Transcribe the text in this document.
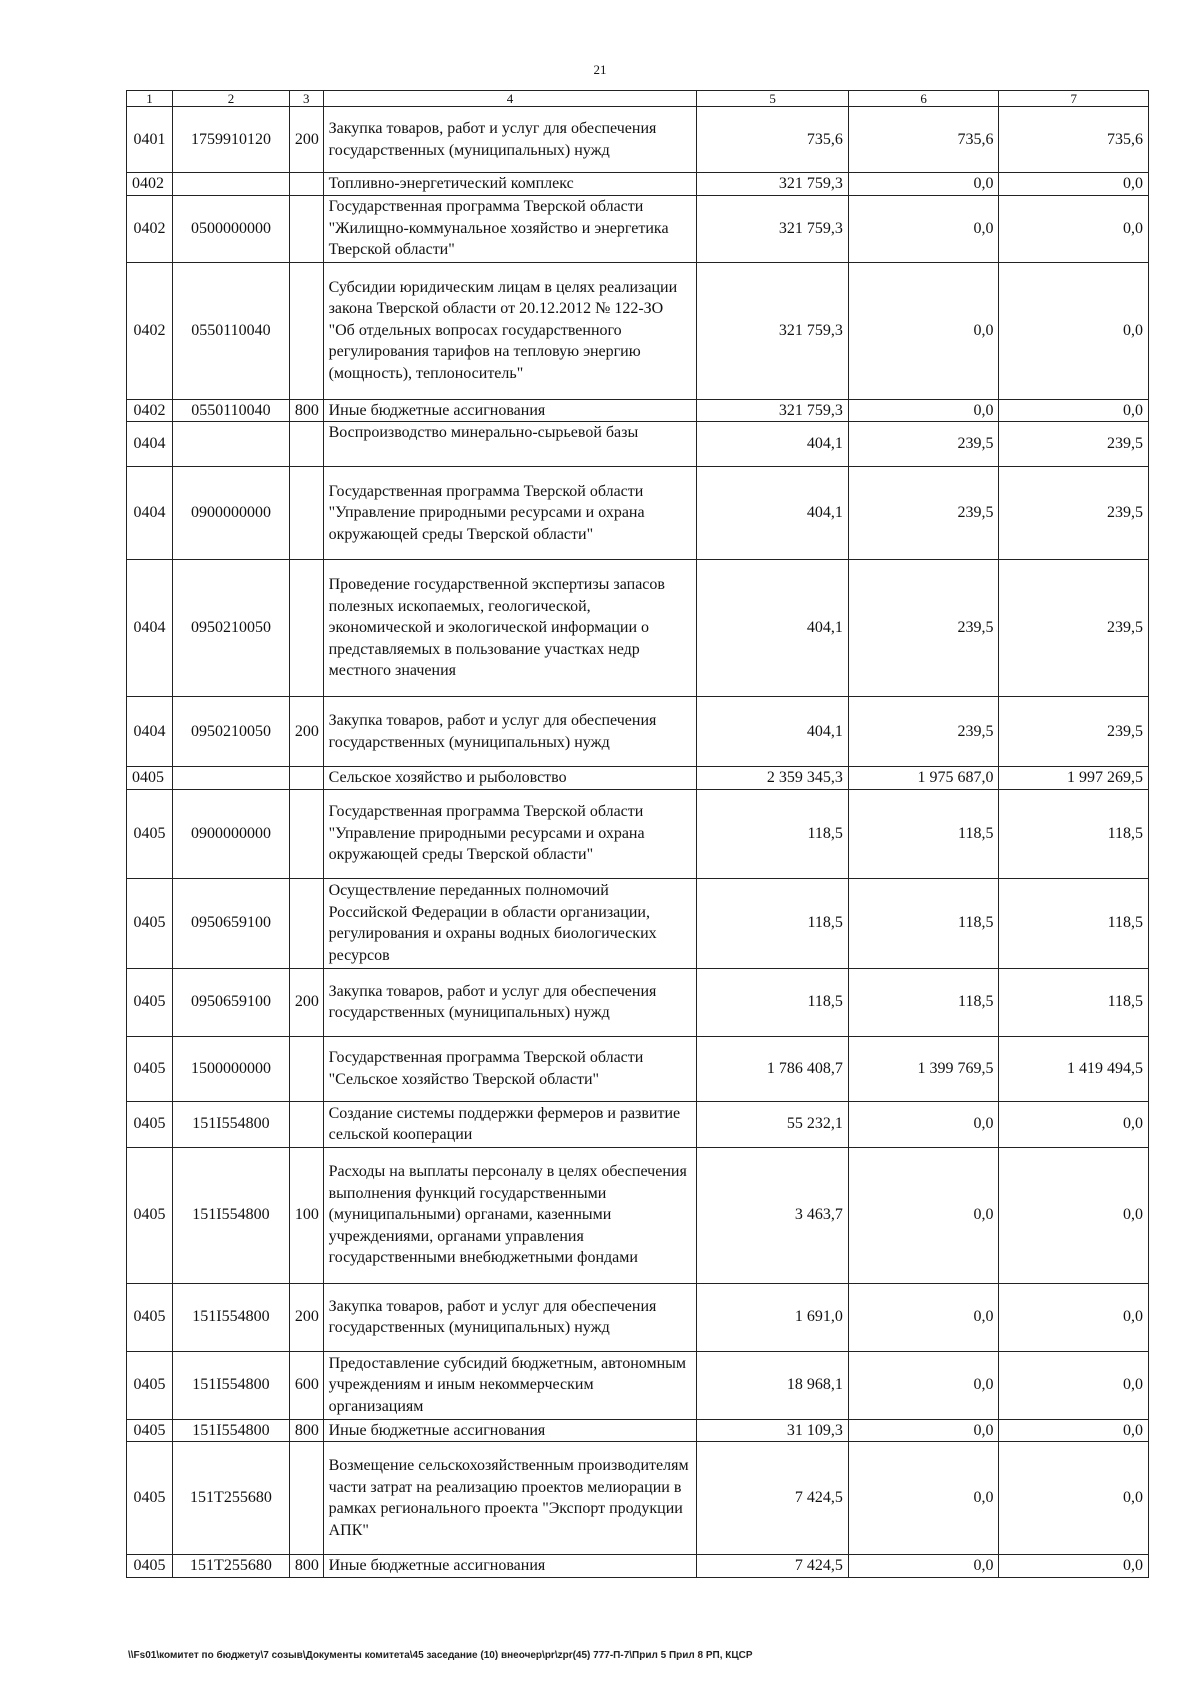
21
1	2	3	4	5	6	7
0401	1759910120	200	Закупка товаров, работ и услуг для обеспечения государственных (муниципальных) нужд	735,6	735,6	735,6
0402			Топливно-энергетический комплекс	321 759,3	0,0	0,0
0402	0500000000		Государственная программа Тверской области "Жилищно-коммунальное хозяйство и энергетика Тверской области"	321 759,3	0,0	0,0
0402	0550110040		Субсидии юридическим лицам в целях реализации закона Тверской области от 20.12.2012 № 122-ЗО "Об отдельных вопросах государственного регулирования тарифов на тепловую энергию (мощность), теплоноситель"	321 759,3	0,0	0,0
0402	0550110040	800	Иные бюджетные ассигнования	321 759,3	0,0	0,0
0404			Воспроизводство минерально-сырьевой базы	404,1	239,5	239,5
0404	0900000000		Государственная программа Тверской области "Управление природными ресурсами и охрана окружающей среды Тверской области"	404,1	239,5	239,5
0404	0950210050		Проведение государственной экспертизы запасов полезных ископаемых, геологической, экономической и экологической информации о представляемых в пользование участках недр местного значения	404,1	239,5	239,5
0404	0950210050	200	Закупка товаров, работ и услуг для обеспечения государственных (муниципальных) нужд	404,1	239,5	239,5
0405			Сельское хозяйство и рыболовство	2 359 345,3	1 975 687,0	1 997 269,5
0405	0900000000		Государственная программа Тверской области "Управление природными ресурсами и охрана окружающей среды Тверской области"	118,5	118,5	118,5
0405	0950659100		Осуществление переданных полномочий Российской Федерации в области организации, регулирования и охраны водных биологических ресурсов	118,5	118,5	118,5
0405	0950659100	200	Закупка товаров, работ и услуг для обеспечения государственных (муниципальных) нужд	118,5	118,5	118,5
0405	1500000000		Государственная программа Тверской области "Сельское хозяйство Тверской области"	1 786 408,7	1 399 769,5	1 419 494,5
0405	151I554800		Создание системы поддержки фермеров и развитие сельской кооперации	55 232,1	0,0	0,0
0405	151I554800	100	Расходы на выплаты персоналу в целях обеспечения выполнения функций государственными (муниципальными) органами, казенными учреждениями, органами управления государственными внебюджетными фондами	3 463,7	0,0	0,0
0405	151I554800	200	Закупка товаров, работ и услуг для обеспечения государственных (муниципальных) нужд	1 691,0	0,0	0,0
0405	151I554800	600	Предоставление субсидий бюджетным, автономным учреждениям и иным некоммерческим организациям	18 968,1	0,0	0,0
0405	151I554800	800	Иные бюджетные ассигнования	31 109,3	0,0	0,0
0405	151T255680		Возмещение сельскохозяйственным производителям части затрат на реализацию проектов мелиорации в рамках регионального проекта "Экспорт продукции АПК"	7 424,5	0,0	0,0
0405	151T255680	800	Иные бюджетные ассигнования	7 424,5	0,0	0,0
\\Fs01\комитет по бюджету\7 созыв\Документы комитета\45 заседание (10) внеочер\pr\zpr(45) 777-П-7\Прил 5 Прил 8 РП, КЦСР
